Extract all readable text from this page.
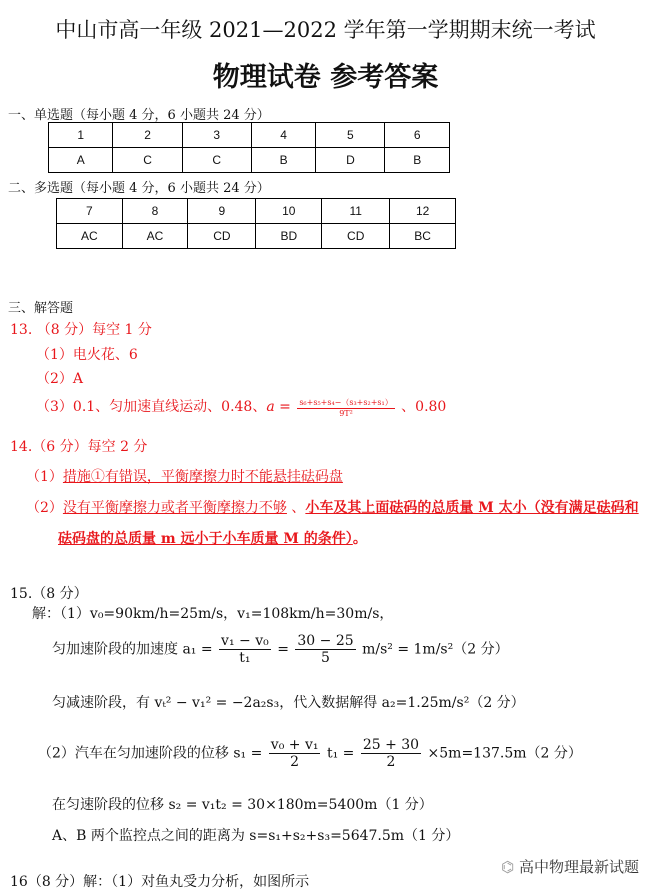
中山市高一年级 2021—2022 学年第一学期期末统一考试
物理试卷 参考答案
一、单选题（每小题 4 分，6 小题共 24 分）
1	2	3	4	5	6
A	C	C	B	D	B
二、多选题（每小题 4 分，6 小题共 24 分）
7	8	9	10	11	12
AC	AC	CD	BD	CD	BC
三、解答题
13. （8 分）每空 1 分
（1）电火花、6
（2）A
（3）0.1、匀加速直线运动、0.48、$a = \frac{\text{s₆+s₅+s₄−（s₃+s₂+s₁）}}{\text{9T²}}$ 、0.80
14.（6 分）每空 2 分
（1）措施①有错误，平衡摩擦力时不能悬挂砝码盘
（2）没有平衡摩擦力或者平衡摩擦力不够 、小车及其上面砝码的总质量 M 太小（没有满足砝码和
砝码盘的总质量 m 远小于小车质量 M 的条件）。
15.（8 分）
解：（1）v₀=90km/h=25m/s，v₁=108km/h=30m/s，
匀加速阶段的加速度 $a_1 = \frac{\text{v₁ − v₀}}{\text{t₁}} = \frac{30 - 25}{5} m/s^2 = 1m/s^2(2$ 分）
匀减速阶段，有 vₜ² − v₁² = −2a₂s₃，代入数据解得 a₂=1.25m/s²（2 分）
（2）汽车在匀加速阶段的位移 $s_1 = \frac{\text{v₀ + v₁}}{2} t_1 = \frac{25 + 30}{2} \times 5m=137.5m(2$ 分）
在匀速阶段的位移 s₂ = v₁t₂ = 30×180m=5400m（1 分）
A、B 两个监控点之间的距离为 s=s₁+s₂+s₃=5647.5m（1 分）
16（8 分）解：（1）对鱼丸受力分析，如图所示
⌬ 高中物理最新试题
